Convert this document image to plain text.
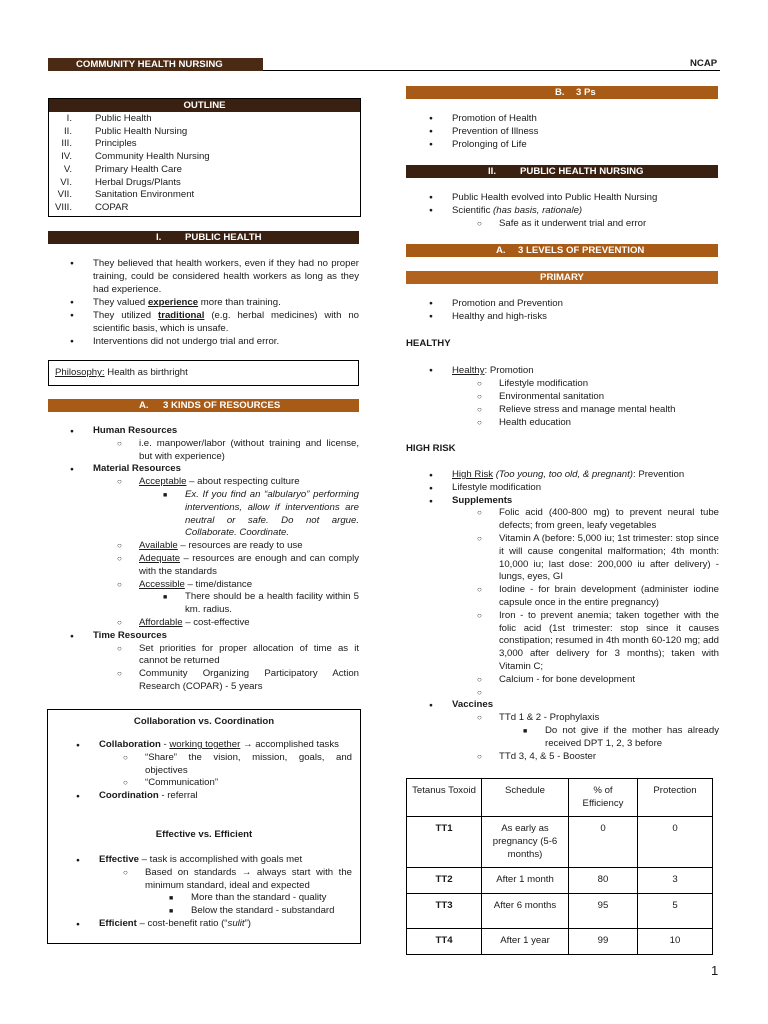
COMMUNITY HEALTH NURSING	NCAP
OUTLINE
I. Public Health
II. Public Health Nursing
III. Principles
IV. Community Health Nursing
V. Primary Health Care
VI. Herbal Drugs/Plants
VII. Sanitation Environment
VIII. COPAR
I. PUBLIC HEALTH
● They believed that health workers, even if they had no proper training, could be considered health workers as long as they had experience.
● They valued experience more than training.
● They utilized traditional (e.g. herbal medicines) with no scientific basis, which is unsafe.
● Interventions did not undergo trial and error.
Philosophy: Health as birthright
A. 3 KINDS OF RESOURCES
● Human Resources
○ i.e. manpower/labor (without training and license, but with experience)
● Material Resources
○ Acceptable – about respecting culture
■ Ex. If you find an “albularyo” performing interventions, allow if interventions are neutral or safe. Do not argue. Collaborate. Coordinate.
○ Available – resources are ready to use
○ Adequate – resources are enough and can comply with the standards
○ Accessible – time/distance
■ There should be a health facility within 5 km. radius.
○ Affordable – cost-effective
● Time Resources
○ Set priorities for proper allocation of time as it cannot be returned
○ Community Organizing Participatory Action Research (COPAR) - 5 years
Collaboration vs. Coordination
● Collaboration - working together → accomplished tasks
○ “Share” the vision, mission, goals, and objectives
○ “Communication”
● Coordination - referral
Effective vs. Efficient
● Effective – task is accomplished with goals met
○ Based on standards → always start with the minimum standard, ideal and expected
■ More than the standard - quality
■ Below the standard - substandard
● Efficient – cost-benefit ratio (“sulit”)
B. 3 Ps
● Promotion of Health
● Prevention of Illness
● Prolonging of Life
II.	PUBLIC HEALTH NURSING
● Public Health evolved into Public Health Nursing
● Scientific (has basis, rationale)
○ Safe as it underwent trial and error
A. 3 LEVELS OF PREVENTION
PRIMARY
● Promotion and Prevention
● Healthy and high-risks
HEALTHY
● Healthy: Promotion
○ Lifestyle modification
○ Environmental sanitation
○ Relieve stress and manage mental health
○ Health education
HIGH RISK
● High Risk (Too young, too old, & pregnant): Prevention
● Lifestyle modification
● Supplements
○ Folic acid (400-800 mg) to prevent neural tube defects; from green, leafy vegetables
○ Vitamin A (before: 5,000 iu; 1st trimester: stop since it will cause congenital malformation; 4th month: 10,000 iu; last dose: 200,000 iu after delivery) - lungs, eyes, GI
○ Iodine - for brain development (administer iodine capsule once in the entire pregnancy)
○ Iron - to prevent anemia; taken together with the folic acid (1st trimester: stop since it causes constipation; resumed in 4th month 60-120 mg; add 3,000 after delivery for 3 months); taken with Vitamin C;
○ Calcium - for bone development
○
● Vaccines
○ TTd 1 & 2 - Prophylaxis
■ Do not give if the mother has already received DPT 1, 2, 3 before
○ TTd 3, 4, & 5 - Booster
Tetanus Toxoid	Schedule	% of Efficiency	Protection
TT1	As early as pregnancy (5-6 months)	0	0
TT2	After 1 month	80	3
TT3	After 6 months	95	5
TT4	After 1 year	99	10
1
